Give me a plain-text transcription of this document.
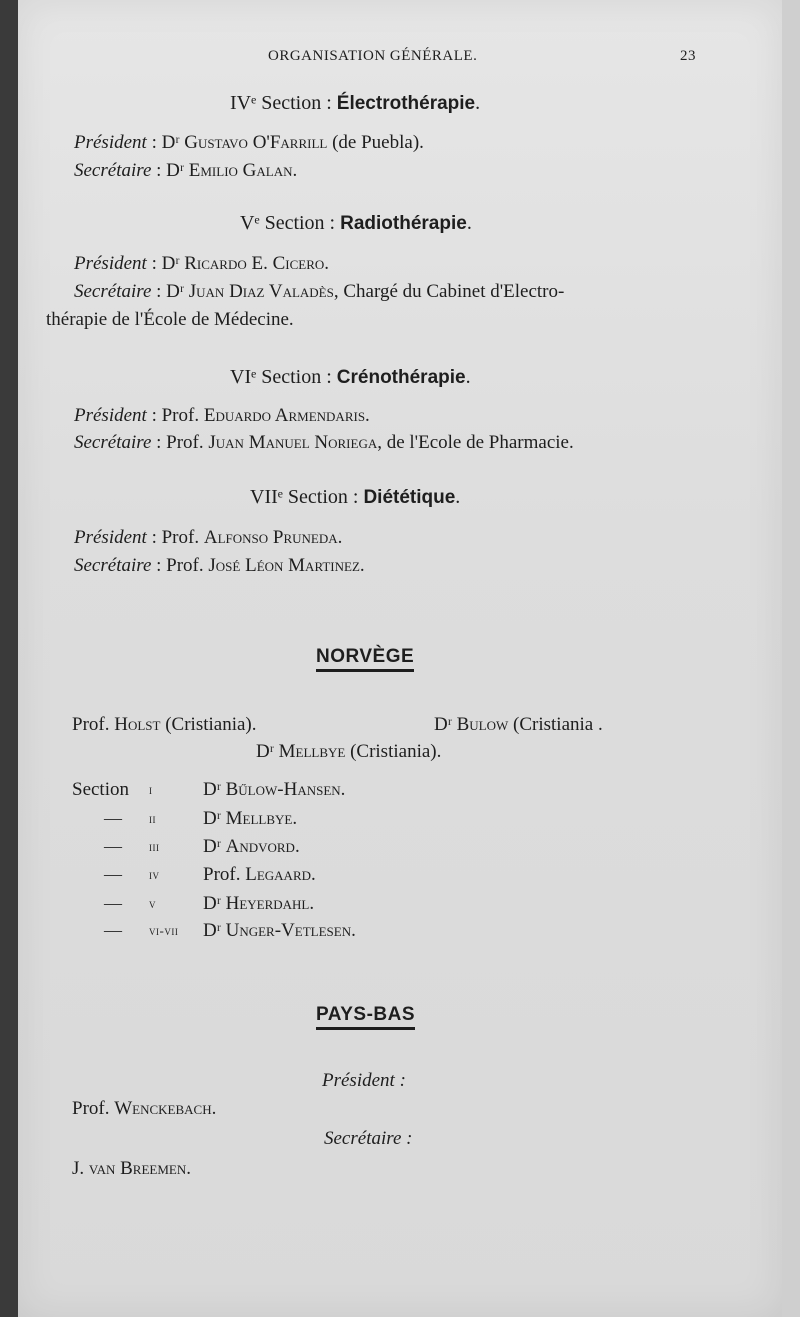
ORGANISATION GÉNÉRALE.	23
IVᵉ Section : Électrothérapie.
Président : Dʳ Gustavo O'Farrill (de Puebla).
Secrétaire : Dʳ Emilio Galan.
Vᵉ Section : Radiothérapie.
Président : Dʳ Ricardo E. Cicero.
Secrétaire : Dʳ Juan Diaz Valadès, Chargé du Cabinet d'Electro-
thérapie de l'École de Médecine.
VIᵉ Section : Crénothérapie.
Président : Prof. Eduardo Armendaris.
Secrétaire : Prof. Juan Manuel Noriega, de l'Ecole de Pharmacie.
VIIᵉ Section : Diététique.
Président : Prof. Alfonso Pruneda.
Secrétaire : Prof. José Léon Martinez.
NORVÈGE
Prof. Holst (Cristiania).	Dʳ Bulow (Cristiania .
Dʳ Mellbye (Cristiania).
Section i	Dʳ Bűlow-Hansen.
— ii Dʳ Mellbye.
— iii Dʳ Andvord.
— iv Prof. Legaard.
— v Dʳ Heyerdahl.
— vi-vii Dʳ Unger-Vetlesen.
PAYS-BAS
Président :
Prof. Wenckebach.
Secrétaire :
J. van Breemen.
